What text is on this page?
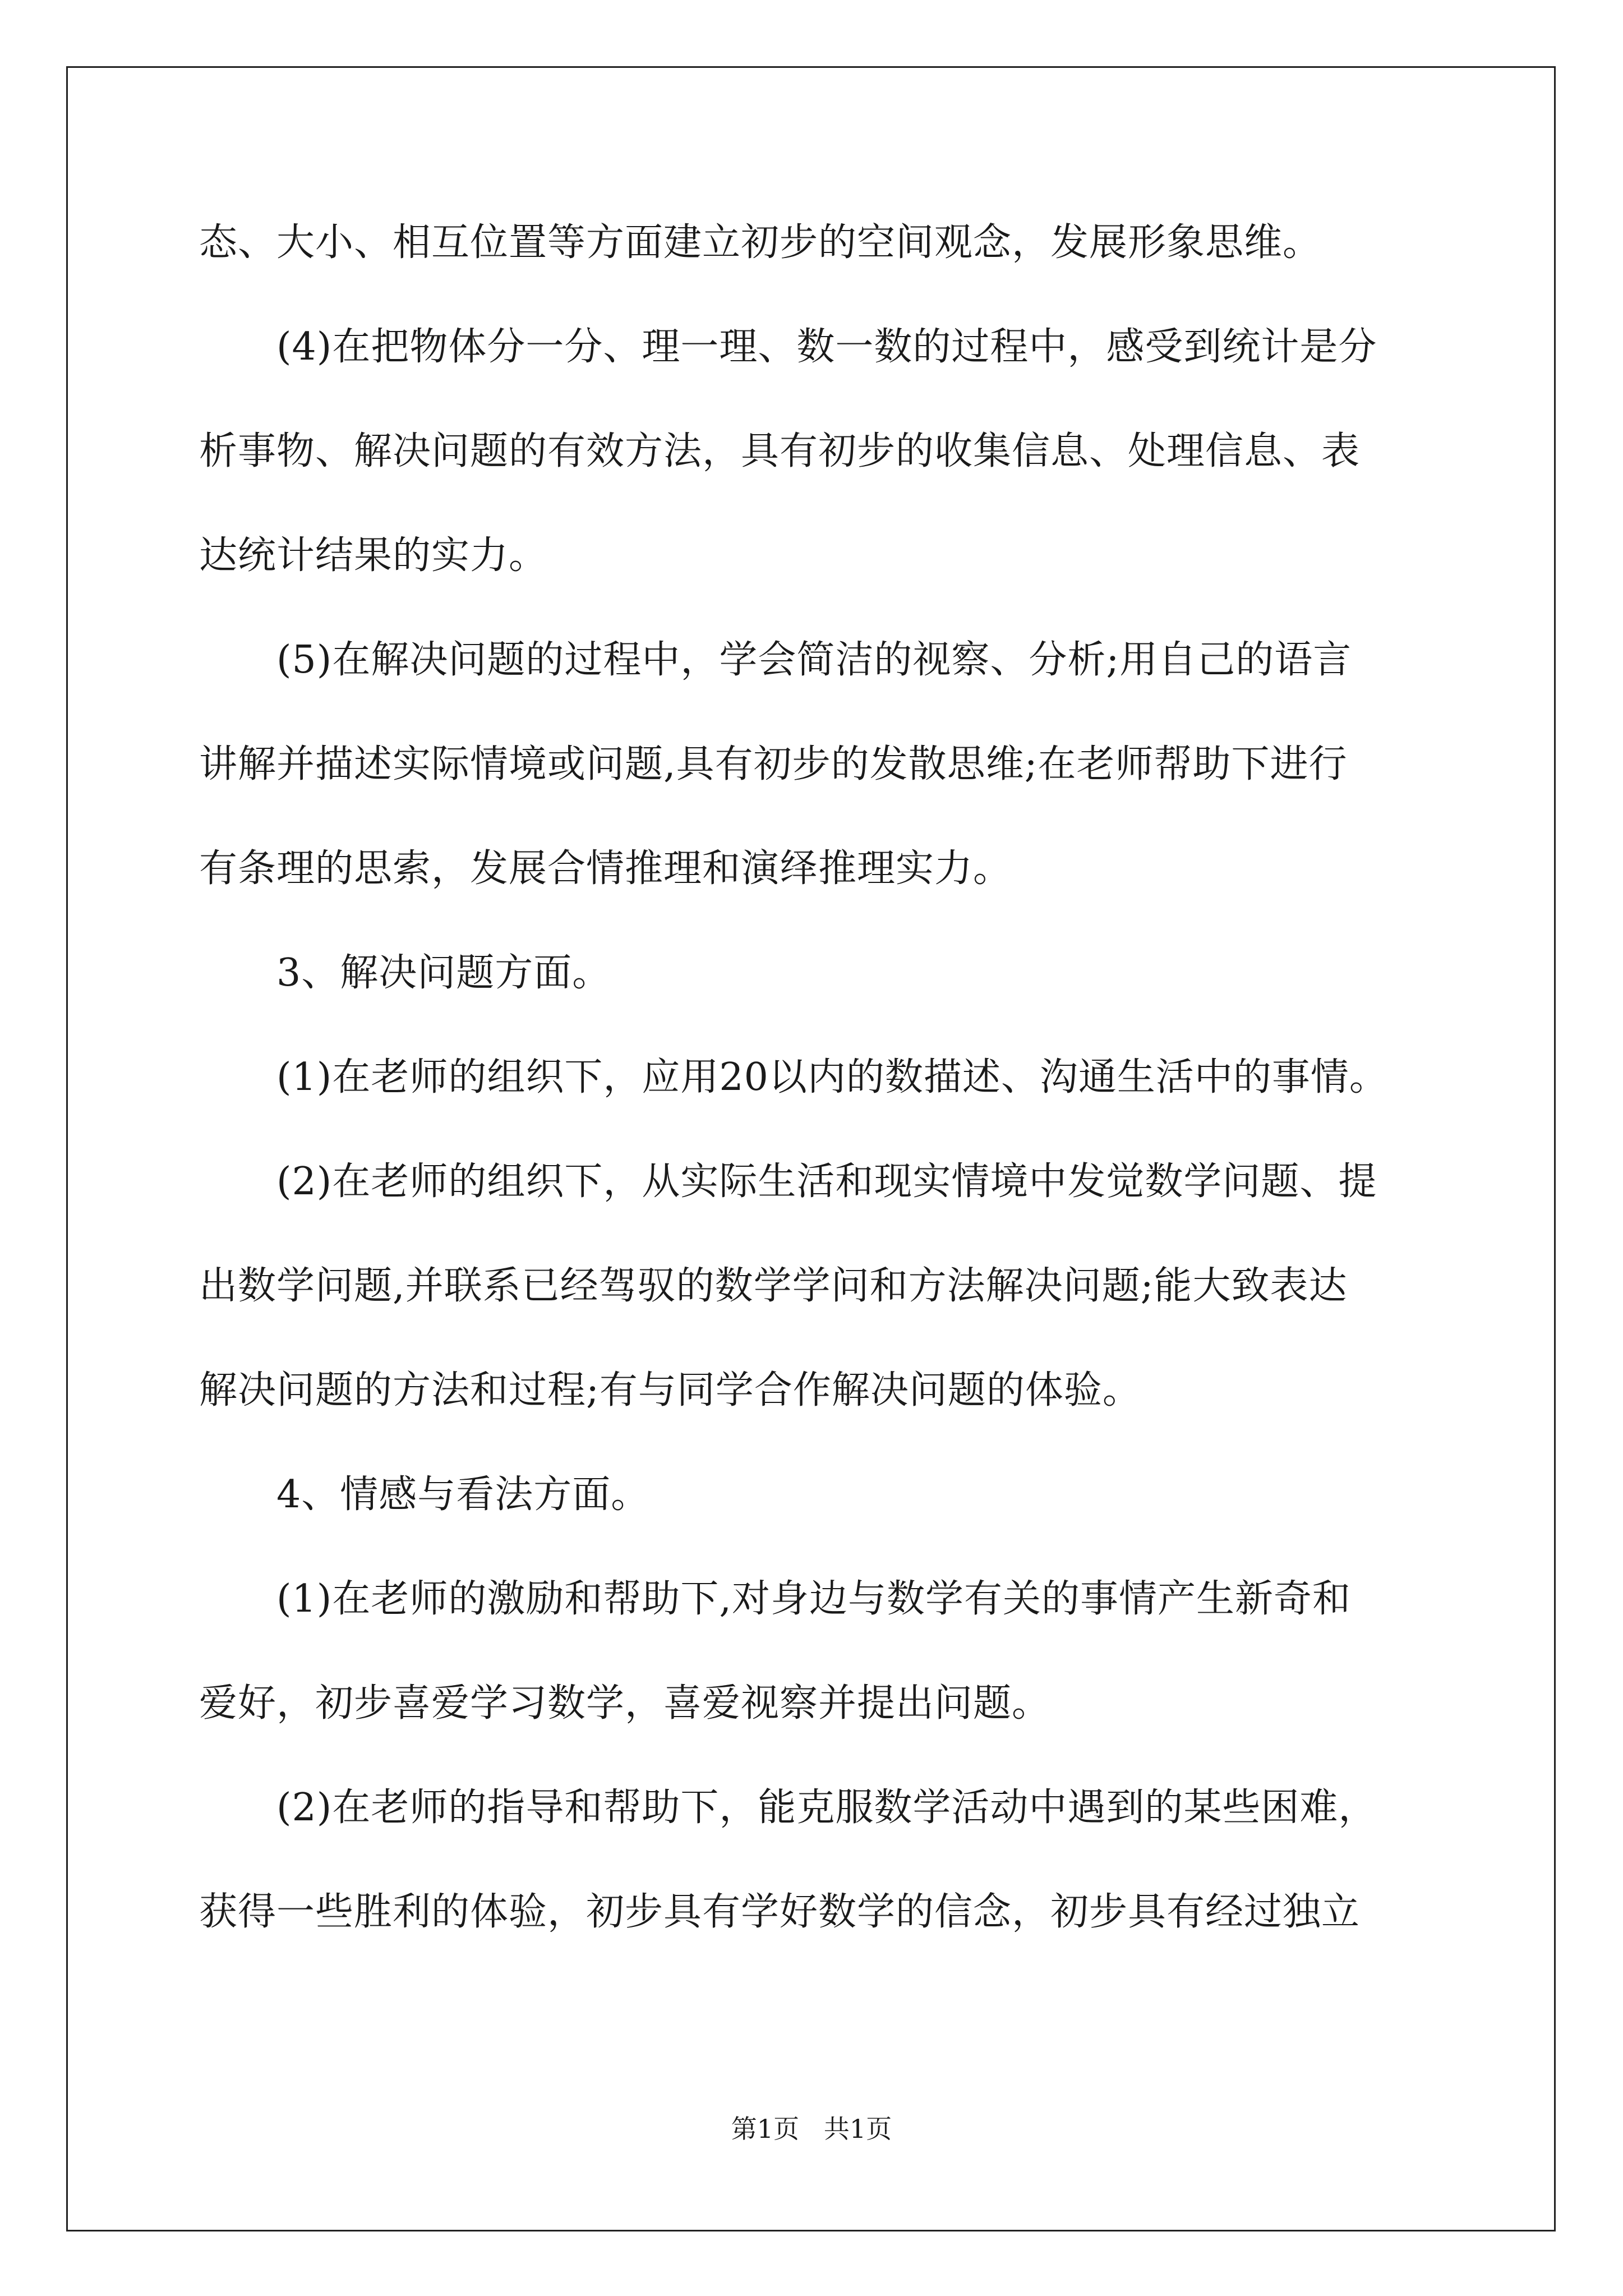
态、大小、相互位置等方面建立初步的空间观念，发展形象思维。
(4)在把物体分一分、理一理、数一数的过程中，感受到统计是分
析事物、解决问题的有效方法，具有初步的收集信息、处理信息、表
达统计结果的实力。
(5)在解决问题的过程中，学会简洁的视察、分析;用自己的语言
讲解并描述实际情境或问题,具有初步的发散思维;在老师帮助下进行
有条理的思索，发展合情推理和演绎推理实力。
3、解决问题方面。
(1)在老师的组织下，应用20以内的数描述、沟通生活中的事情。
(2)在老师的组织下，从实际生活和现实情境中发觉数学问题、提
出数学问题,并联系已经驾驭的数学学问和方法解决问题;能大致表达
解决问题的方法和过程;有与同学合作解决问题的体验。
4、情感与看法方面。
(1)在老师的激励和帮助下,对身边与数学有关的事情产生新奇和
爱好，初步喜爱学习数学，喜爱视察并提出问题。
(2)在老师的指导和帮助下，能克服数学活动中遇到的某些困难，
获得一些胜利的体验，初步具有学好数学的信念，初步具有经过独立
第1页   共1页
